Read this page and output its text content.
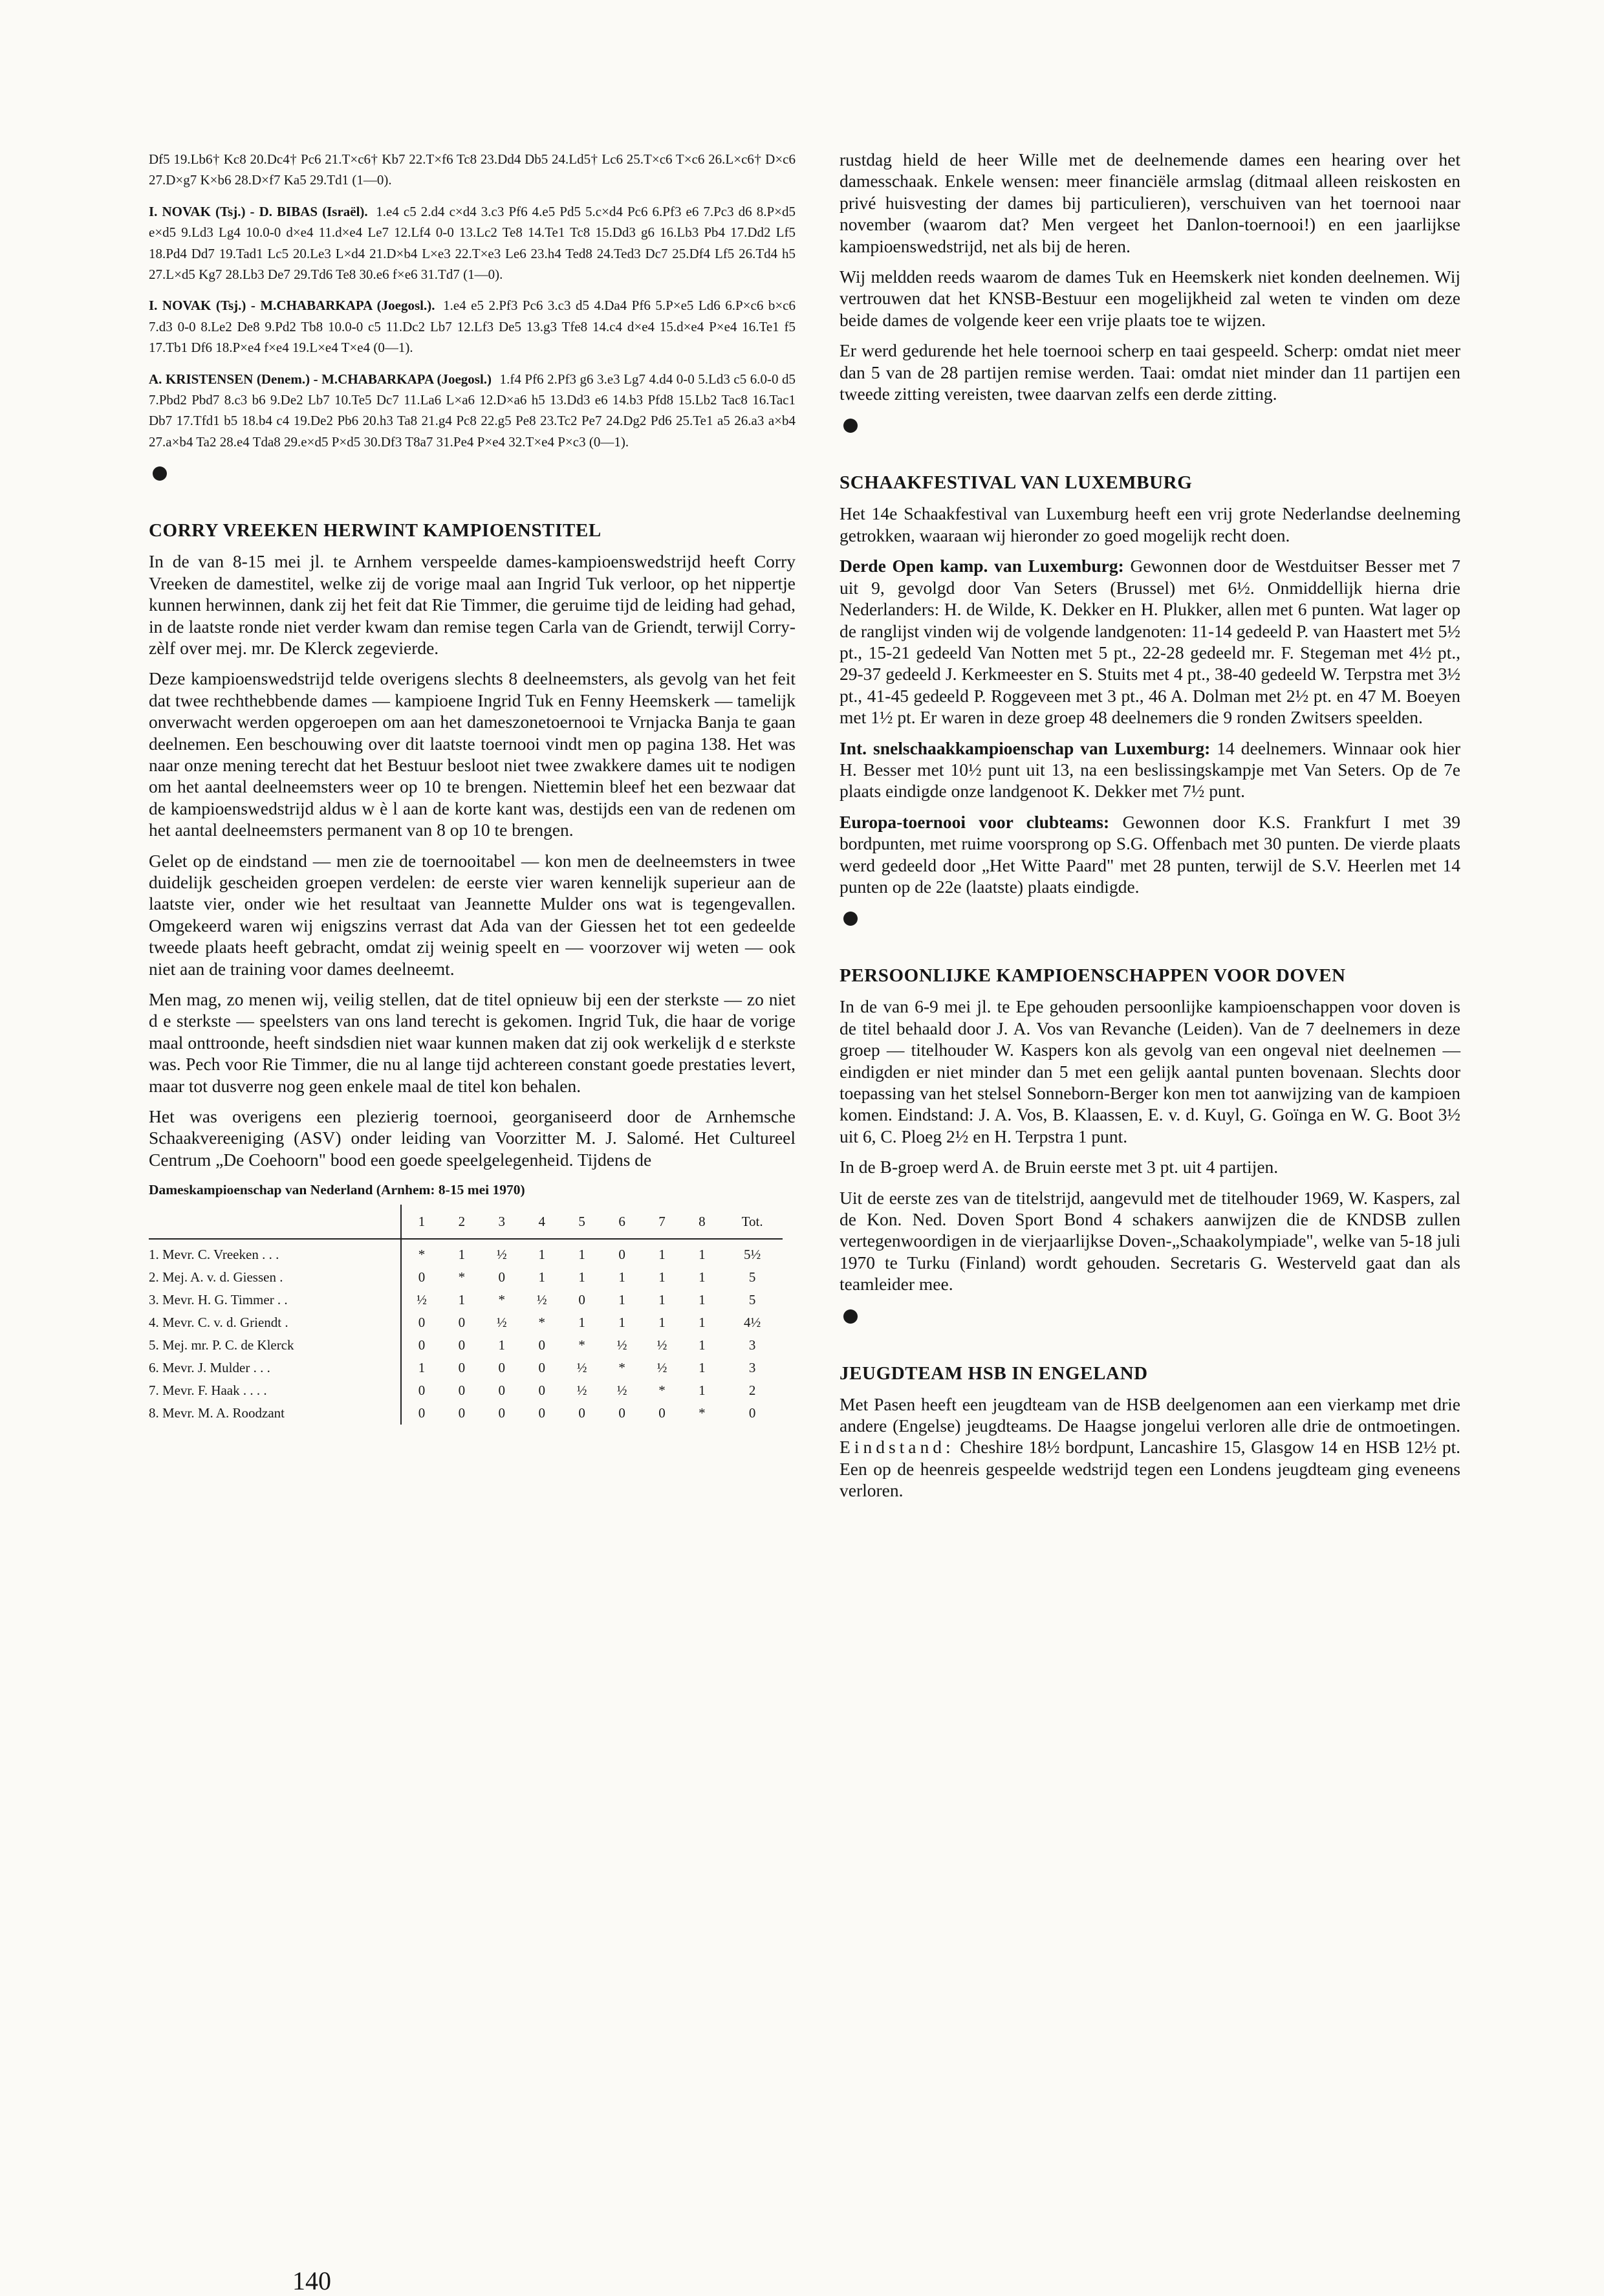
Df5 19.Lb6† Kc8 20.Dc4† Pc6 21.T×c6† Kb7 22.T×f6 Tc8 23.Dd4 Db5 24.Ld5† Lc6 25.T×c6 T×c6 26.L×c6† D×c6 27.D×g7 K×b6 28.D×f7 Ka5 29.Td1 (1—0).

I. NOVAK (Tsj.) - D. BIBAS (Israël). 1.e4 c5 2.d4 c×d4 3.c3 Pf6 4.e5 Pd5 5.c×d4 Pc6 6.Pf3 e6 7.Pc3 d6 8.P×d5 e×d5 9.Ld3 Lg4 10.0-0 d×e4 11.d×e4 Le7 12.Lf4 0-0 13.Lc2 Te8 14.Te1 Tc8 15.Dd3 g6 16.Lb3 Pb4 17.Dd2 Lf5 18.Pd4 Dd7 19.Tad1 Lc5 20.Le3 L×d4 21.D×b4 L×e3 22.T×e3 Le6 23.h4 Ted8 24.Ted3 Dc7 25.Df4 Lf5 26.Td4 h5 27.L×d5 Kg7 28.Lb3 De7 29.Td6 Te8 30.e6 f×e6 31.Td7 (1—0).

I. NOVAK (Tsj.) - M.CHABARKAPA (Joegosl.). 1.e4 e5 2.Pf3 Pc6 3.c3 d5 4.Da4 Pf6 5.P×e5 Ld6 6.P×c6 b×c6 7.d3 0-0 8.Le2 De8 9.Pd2 Tb8 10.0-0 c5 11.Dc2 Lb7 12.Lf3 De5 13.g3 Tfe8 14.c4 d×e4 15.d×e4 P×e4 16.Te1 f5 17.Tb1 Df6 18.P×e4 f×e4 19.L×e4 T×e4 (0—1).

A. KRISTENSEN (Denem.) - M.CHABARKAPA (Joegosl.) 1.f4 Pf6 2.Pf3 g6 3.e3 Lg7 4.d4 0-0 5.Ld3 c5 6.0-0 d5 7.Pbd2 Pbd7 8.c3 b6 9.De2 Lb7 10.Te5 Dc7 11.La6 L×a6 12.D×a6 h5 13.Dd3 e6 14.b3 Pfd8 15.Lb2 Tac8 16.Tac1 Db7 17.Tfd1 b5 18.b4 c4 19.De2 Pb6 20.h3 Ta8 21.g4 Pc8 22.g5 Pe8 23.Tc2 Pe7 24.Dg2 Pd6 25.Te1 a5 26.a3 a×b4 27.a×b4 Ta2 28.e4 Tda8 29.e×d5 P×d5 30.Df3 T8a7 31.Pe4 P×e4 32.T×e4 P×c3 (0—1).

CORRY VREEKEN HERWINT KAMPIOENSTITEL

In de van 8-15 mei jl. te Arnhem verspeelde dames-kampioenswedstrijd heeft Corry Vreeken de damestitel, welke zij de vorige maal aan Ingrid Tuk verloor, op het nippertje kunnen herwinnen, dank zij het feit dat Rie Timmer, die geruime tijd de leiding had gehad, in de laatste ronde niet verder kwam dan remise tegen Carla van de Griendt, terwijl Corry-zèlf over mej. mr. De Klerck zegevierde.

Deze kampioenswedstrijd telde overigens slechts 8 deelneemsters, als gevolg van het feit dat twee rechthebbende dames — kampioene Ingrid Tuk en Fenny Heemskerk — tamelijk onverwacht werden opgeroepen om aan het dameszonetoernooi te Vrnjacka Banja te gaan deelnemen. Een beschouwing over dit laatste toernooi vindt men op pagina 138. Het was naar onze mening terecht dat het Bestuur besloot niet twee zwakkere dames uit te nodigen om het aantal deelneemsters weer op 10 te brengen. Niettemin bleef het een bezwaar dat de kampioenswedstrijd aldus w è l aan de korte kant was, destijds een van de redenen om het aantal deelneemsters permanent van 8 op 10 te brengen.

Gelet op de eindstand — men zie de toernooitabel — kon men de deelneemsters in twee duidelijk gescheiden groepen verdelen: de eerste vier waren kennelijk superieur aan de laatste vier, onder wie het resultaat van Jeannette Mulder ons wat is tegengevallen. Omgekeerd waren wij enigszins verrast dat Ada van der Giessen het tot een gedeelde tweede plaats heeft gebracht, omdat zij weinig speelt en — voorzover wij weten — ook niet aan de training voor dames deelneemt.

Men mag, zo menen wij, veilig stellen, dat de titel opnieuw bij een der sterkste — zo niet d e sterkste — speelsters van ons land terecht is gekomen. Ingrid Tuk, die haar de vorige maal onttroonde, heeft sindsdien niet waar kunnen maken dat zij ook werkelijk d e sterkste was. Pech voor Rie Timmer, die nu al lange tijd achtereen constant goede prestaties levert, maar tot dusverre nog geen enkele maal de titel kon behalen.

Het was overigens een plezierig toernooi, georganiseerd door de Arnhemsche Schaakvereeniging (ASV) onder leiding van Voorzitter M. J. Salomé. Het Cultureel Centrum „De Coehoorn" bood een goede speelgelegenheid. Tijdens de

Dameskampioenschap van Nederland (Arnhem: 8-15 mei 1970)
	1	2	3	4	5	6	7	8	Tot.
1. Mevr. C. Vreeken . . .	*	1	½	1	1	0	1	1	5½
2. Mej. A. v. d. Giessen .	0	*	0	1	1	1	1	1	5
3. Mevr. H. G. Timmer . .	½	1	*	½	0	1	1	1	5
4. Mevr. C. v. d. Griendt .	0	0	½	*	1	1	1	1	4½
5. Mej. mr. P. C. de Klerck	0	0	1	0	*	½	½	1	3
6. Mevr. J. Mulder . . .	1	0	0	0	½	*	½	1	3
7. Mevr. F. Haak . . . .	0	0	0	0	½	½	*	1	2
8. Mevr. M. A. Roodzant	0	0	0	0	0	0	0	*	0
140

rustdag hield de heer Wille met de deelnemende dames een hearing over het damesschaak. Enkele wensen: meer financiële armslag (ditmaal alleen reiskosten en privé huisvesting der dames bij particulieren), verschuiven van het toernooi naar november (waarom dat? Men vergeet het Danlon-toernooi!) en een jaarlijkse kampioenswedstrijd, net als bij de heren.

Wij meldden reeds waarom de dames Tuk en Heemskerk niet konden deelnemen. Wij vertrouwen dat het KNSB-Bestuur een mogelijkheid zal weten te vinden om deze beide dames de volgende keer een vrije plaats toe te wijzen.

Er werd gedurende het hele toernooi scherp en taai gespeeld. Scherp: omdat niet meer dan 5 van de 28 partijen remise werden. Taai: omdat niet minder dan 11 partijen een tweede zitting vereisten, twee daarvan zelfs een derde zitting.

SCHAAKFESTIVAL VAN LUXEMBURG

Het 14e Schaakfestival van Luxemburg heeft een vrij grote Nederlandse deelneming getrokken, waaraan wij hieronder zo goed mogelijk recht doen.

Derde Open kamp. van Luxemburg: Gewonnen door de Westduitser Besser met 7 uit 9, gevolgd door Van Seters (Brussel) met 6½. Onmiddellijk hierna drie Nederlanders: H. de Wilde, K. Dekker en H. Plukker, allen met 6 punten. Wat lager op de ranglijst vinden wij de volgende landgenoten: 11-14 gedeeld P. van Haastert met 5½ pt., 15-21 gedeeld Van Notten met 5 pt., 22-28 gedeeld mr. F. Stegeman met 4½ pt., 29-37 gedeeld J. Kerkmeester en S. Stuits met 4 pt., 38-40 gedeeld W. Terpstra met 3½ pt., 41-45 gedeeld P. Roggeveen met 3 pt., 46 A. Dolman met 2½ pt. en 47 M. Boeyen met 1½ pt. Er waren in deze groep 48 deelnemers die 9 ronden Zwitsers speelden.

Int. snelschaakkampioenschap van Luxemburg: 14 deelnemers. Winnaar ook hier H. Besser met 10½ punt uit 13, na een beslissingskampje met Van Seters. Op de 7e plaats eindigde onze landgenoot K. Dekker met 7½ punt.

Europa-toernooi voor clubteams: Gewonnen door K.S. Frankfurt I met 39 bordpunten, met ruime voorsprong op S.G. Offenbach met 30 punten. De vierde plaats werd gedeeld door „Het Witte Paard" met 28 punten, terwijl de S.V. Heerlen met 14 punten op de 22e (laatste) plaats eindigde.

PERSOONLIJKE KAMPIOENSCHAPPEN VOOR DOVEN

In de van 6-9 mei jl. te Epe gehouden persoonlijke kampioenschappen voor doven is de titel behaald door J. A. Vos van Revanche (Leiden). Van de 7 deelnemers in deze groep — titelhouder W. Kaspers kon als gevolg van een ongeval niet deelnemen — eindigden er niet minder dan 5 met een gelijk aantal punten bovenaan. Slechts door toepassing van het stelsel Sonneborn-Berger kon men tot aanwijzing van de kampioen komen. Eindstand: J. A. Vos, B. Klaassen, E. v. d. Kuyl, G. Goïnga en W. G. Boot 3½ uit 6, C. Ploeg 2½ en H. Terpstra 1 punt.

In de B-groep werd A. de Bruin eerste met 3 pt. uit 4 partijen.

Uit de eerste zes van de titelstrijd, aangevuld met de titelhouder 1969, W. Kaspers, zal de Kon. Ned. Doven Sport Bond 4 schakers aanwijzen die de KNDSB zullen vertegenwoordigen in de vierjaarlijkse Doven-„Schaakolympiade", welke van 5-18 juli 1970 te Turku (Finland) wordt gehouden. Secretaris G. Westerveld gaat dan als teamleider mee.

JEUGDTEAM HSB IN ENGELAND

Met Pasen heeft een jeugdteam van de HSB deelgenomen aan een vierkamp met drie andere (Engelse) jeugdteams. De Haagse jongelui verloren alle drie de ontmoetingen. Eindstand: Cheshire 18½ bordpunt, Lancashire 15, Glasgow 14 en HSB 12½ pt. Een op de heenreis gespeelde wedstrijd tegen een Londens jeugdteam ging eveneens verloren.
